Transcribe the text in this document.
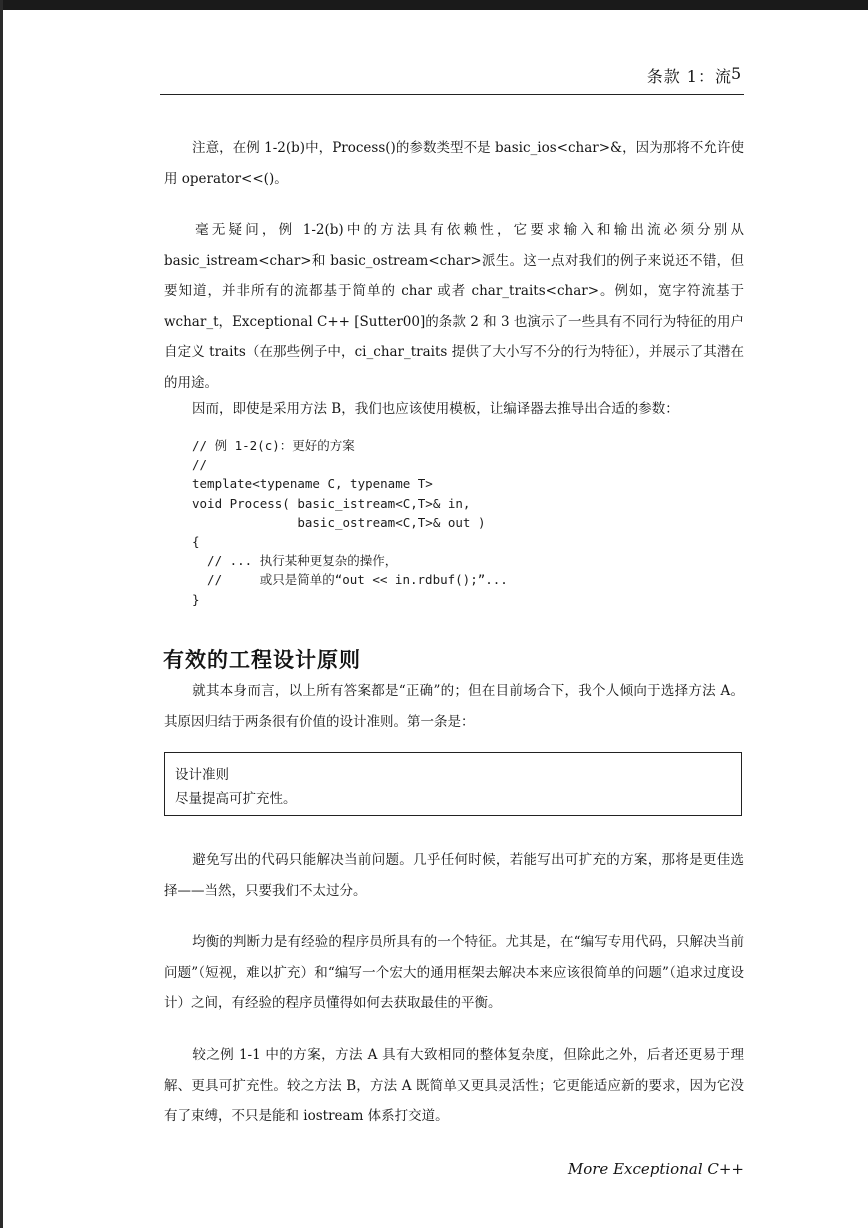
条款 1：流 5

注意，在例 1-2(b)中，Process()的参数类型不是 basic_ios<char>&，因为那将不允许使用 operator<<()。

毫无疑问，例 1-2(b)中的方法具有依赖性，它要求输入和输出流必须分别从 basic_istream<char>和 basic_ostream<char>派生。这一点对我们的例子来说还不错，但要知道，并非所有的流都基于简单的 char 或者 char_traits<char>。例如，宽字符流基于 wchar_t，Exceptional C++ [Sutter00]的条款 2 和 3 也演示了一些具有不同行为特征的用户自定义 traits（在那些例子中，ci_char_traits 提供了大小写不分的行为特征），并展示了其潜在的用途。

因而，即使是采用方法 B，我们也应该使用模板，让编译器去推导出合适的参数：

// 例 1-2(c)：更好的方案
//
template<typename C, typename T>
void Process( basic_istream<C,T>& in,
basic_ostream<C,T>& out )
{
// ... 执行某种更复杂的操作，
//     或只是简单的“out << in.rdbuf();”...
}
有效的工程设计原则

就其本身而言，以上所有答案都是“正确”的；但在目前场合下，我个人倾向于选择方法 A。其原因归结于两条很有价值的设计准则。第一条是：

设计准则
尽量提高可扩充性。

避免写出的代码只能解决当前问题。几乎任何时候，若能写出可扩充的方案，那将是更佳选择——当然，只要我们不太过分。

均衡的判断力是有经验的程序员所具有的一个特征。尤其是，在“编写专用代码，只解决当前问题”（短视，难以扩充）和“编写一个宏大的通用框架去解决本来应该很简单的问题”（追求过度设计）之间，有经验的程序员懂得如何去获取最佳的平衡。

较之例 1-1 中的方案，方法 A 具有大致相同的整体复杂度，但除此之外，后者还更易于理解、更具可扩充性。较之方法 B，方法 A 既简单又更具灵活性；它更能适应新的要求，因为它没有了束缚，不只是能和 iostream 体系打交道。

More Exceptional C++
